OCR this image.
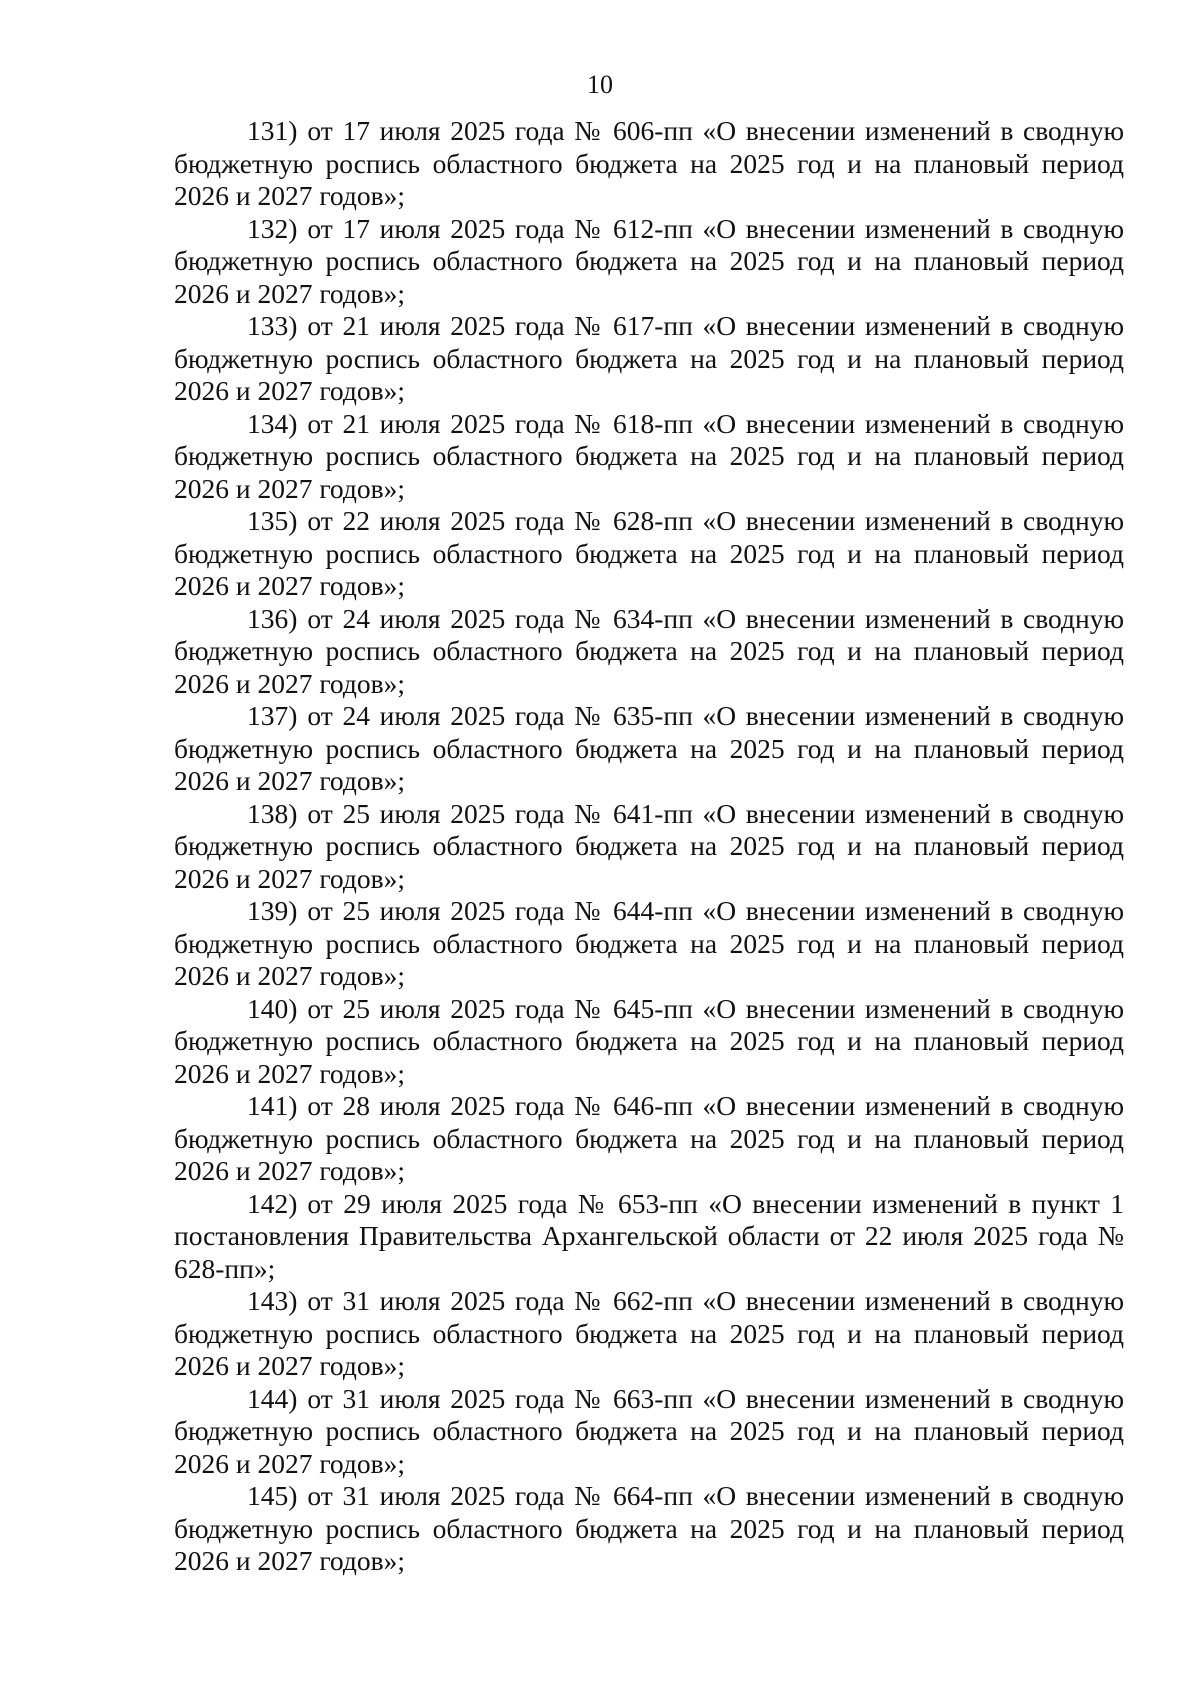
10
131) от 17 июля 2025 года № 606-пп «О внесении изменений в сводную бюджетную роспись областного бюджета на 2025 год и на плановый период 2026 и 2027 годов»;
132) от 17 июля 2025 года № 612-пп «О внесении изменений в сводную бюджетную роспись областного бюджета на 2025 год и на плановый период 2026 и 2027 годов»;
133) от 21 июля 2025 года № 617-пп «О внесении изменений в сводную бюджетную роспись областного бюджета на 2025 год и на плановый период 2026 и 2027 годов»;
134) от 21 июля 2025 года № 618-пп «О внесении изменений в сводную бюджетную роспись областного бюджета на 2025 год и на плановый период 2026 и 2027 годов»;
135) от 22 июля 2025 года № 628-пп «О внесении изменений в сводную бюджетную роспись областного бюджета на 2025 год и на плановый период 2026 и 2027 годов»;
136) от 24 июля 2025 года № 634-пп «О внесении изменений в сводную бюджетную роспись областного бюджета на 2025 год и на плановый период 2026 и 2027 годов»;
137) от 24 июля 2025 года № 635-пп «О внесении изменений в сводную бюджетную роспись областного бюджета на 2025 год и на плановый период 2026 и 2027 годов»;
138) от 25 июля 2025 года № 641-пп «О внесении изменений в сводную бюджетную роспись областного бюджета на 2025 год и на плановый период 2026 и 2027 годов»;
139) от 25 июля 2025 года № 644-пп «О внесении изменений в сводную бюджетную роспись областного бюджета на 2025 год и на плановый период 2026 и 2027 годов»;
140) от 25 июля 2025 года № 645-пп «О внесении изменений в сводную бюджетную роспись областного бюджета на 2025 год и на плановый период 2026 и 2027 годов»;
141) от 28 июля 2025 года № 646-пп «О внесении изменений в сводную бюджетную роспись областного бюджета на 2025 год и на плановый период 2026 и 2027 годов»;
142) от 29 июля 2025 года № 653-пп «О внесении изменений в пункт 1 постановления Правительства Архангельской области от 22 июля 2025 года № 628-пп»;
143) от 31 июля 2025 года № 662-пп «О внесении изменений в сводную бюджетную роспись областного бюджета на 2025 год и на плановый период 2026 и 2027 годов»;
144) от 31 июля 2025 года № 663-пп «О внесении изменений в сводную бюджетную роспись областного бюджета на 2025 год и на плановый период 2026 и 2027 годов»;
145) от 31 июля 2025 года № 664-пп «О внесении изменений в сводную бюджетную роспись областного бюджета на 2025 год и на плановый период 2026 и 2027 годов»;
